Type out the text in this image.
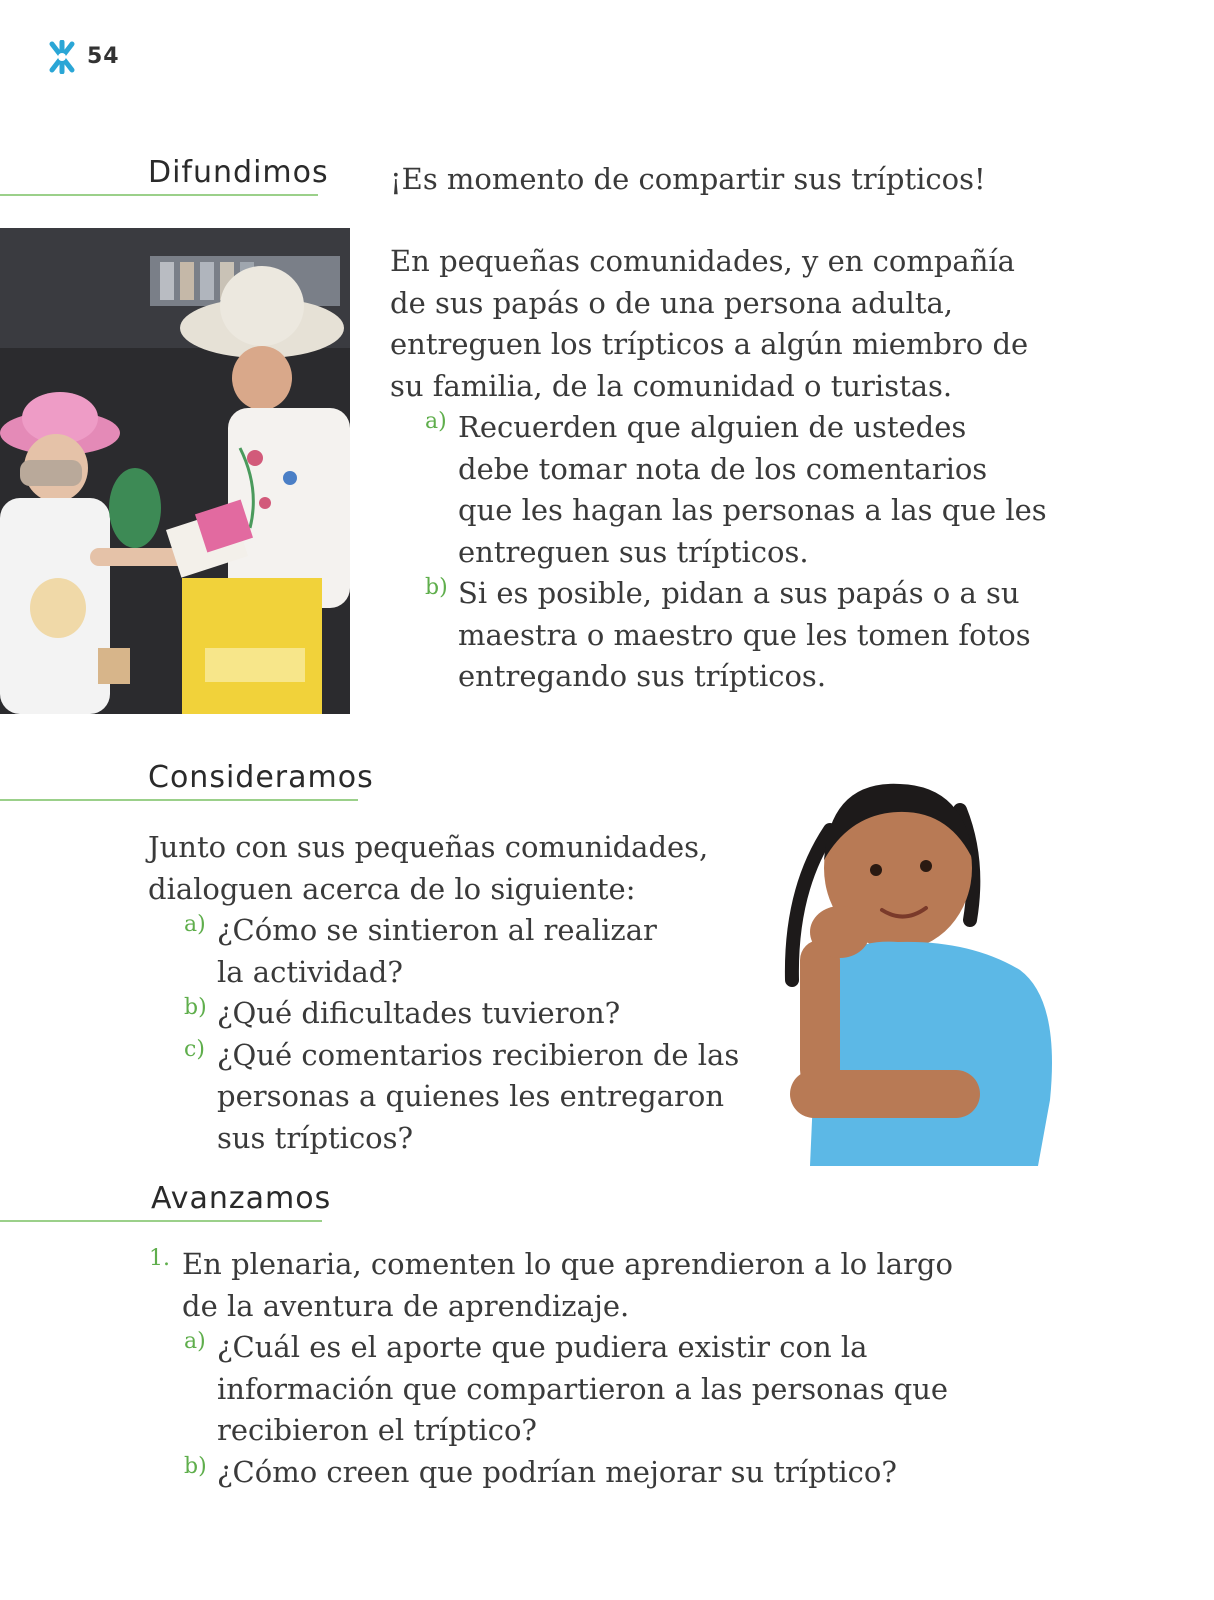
54
Difundimos ¡Es momento de compartir sus trípticos!
En pequeñas comunidades, y en compañía
de sus papás o de una persona adulta,
entreguen los trípticos a algún miembro de
su familia, de la comunidad o turistas.
a) Recuerden que alguien de ustedes
debe tomar nota de los comentarios
que les hagan las personas a las que les
entreguen sus trípticos.
b) Si es posible, pidan a sus papás o a su
maestra o maestro que les tomen fotos
entregando sus trípticos.
Consideramos
Junto con sus pequeñas comunidades,
dialoguen acerca de lo siguiente:
a) ¿Cómo se sintieron al realizar
la actividad?
b) ¿Qué dificultades tuvieron?
c) ¿Qué comentarios recibieron de las
personas a quienes les entregaron
sus trípticos?
Avanzamos
1. En plenaria, comenten lo que aprendieron a lo largo
de la aventura de aprendizaje.
a) ¿Cuál es el aporte que pudiera existir con la
información que compartieron a las personas que
recibieron el tríptico?
b) ¿Cómo creen que podrían mejorar su tríptico?
